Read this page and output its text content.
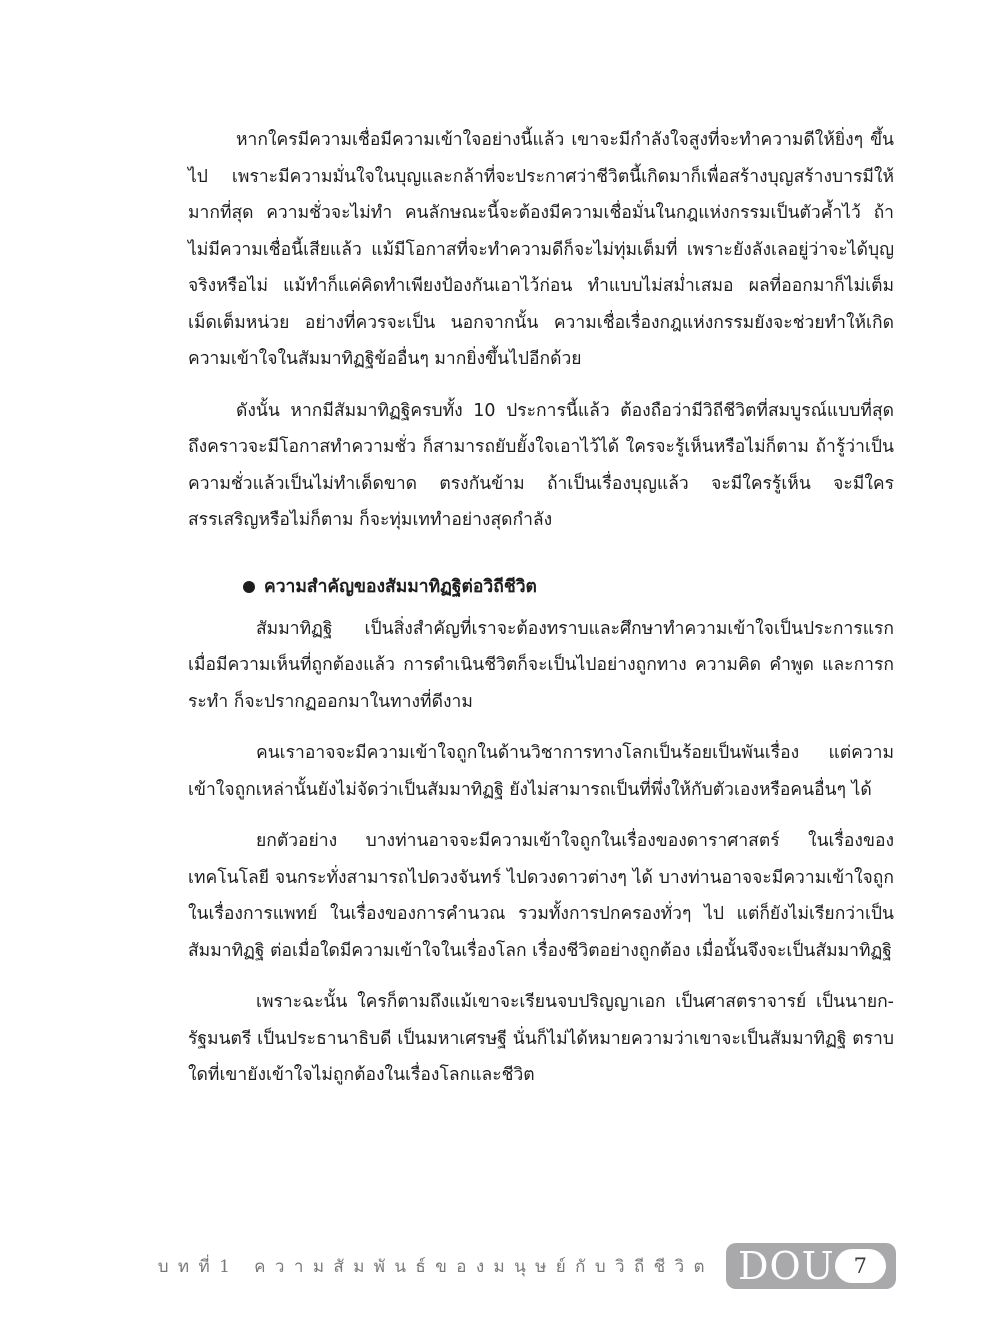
หากใครมีความเชื่อมีความเข้าใจอย่างนี้แล้ว เขาจะมีกำลังใจสูงที่จะทำความดีให้ยิ่งๆ ขึ้นไป เพราะมีความมั่นใจในบุญและกล้าที่จะประกาศว่าชีวิตนี้เกิดมาก็เพื่อสร้างบุญสร้างบารมีให้มากที่สุด ความชั่วจะไม่ทำ คนลักษณะนี้จะต้องมีความเชื่อมั่นในกฎแห่งกรรมเป็นตัวค้ำไว้ ถ้าไม่มีความเชื่อนี้เสียแล้ว แม้มีโอกาสที่จะทำความดีก็จะไม่ทุ่มเต็มที่ เพราะยังลังเลอยู่ว่าจะได้บุญจริงหรือไม่ แม้ทำก็แค่คิดทำเพียงป้องกันเอาไว้ก่อน ทำแบบไม่สม่ำเสมอ ผลที่ออกมาก็ไม่เต็มเม็ดเต็มหน่วย อย่างที่ควรจะเป็น นอกจากนั้น ความเชื่อเรื่องกฎแห่งกรรมยังจะช่วยทำให้เกิดความเข้าใจในสัมมาทิฏฐิข้ออื่นๆ มากยิ่งขึ้นไปอีกด้วย

ดังนั้น หากมีสัมมาทิฏฐิครบทั้ง 10 ประการนี้แล้ว ต้องถือว่ามีวิถีชีวิตที่สมบูรณ์แบบที่สุด ถึงคราวจะมีโอกาสทำความชั่ว ก็สามารถยับยั้งใจเอาไว้ได้ ใครจะรู้เห็นหรือไม่ก็ตาม ถ้ารู้ว่าเป็นความชั่วแล้วเป็นไม่ทำเด็ดขาด ตรงกันข้าม ถ้าเป็นเรื่องบุญแล้ว จะมีใครรู้เห็น จะมีใครสรรเสริญหรือไม่ก็ตาม ก็จะทุ่มเททำอย่างสุดกำลัง

ความสำคัญของสัมมาทิฏฐิต่อวิถีชีวิต

สัมมาทิฏฐิ เป็นสิ่งสำคัญที่เราจะต้องทราบและศึกษาทำความเข้าใจเป็นประการแรก เมื่อมีความเห็นที่ถูกต้องแล้ว การดำเนินชีวิตก็จะเป็นไปอย่างถูกทาง ความคิด คำพูด และการกระทำ ก็จะปรากฏออกมาในทางที่ดีงาม

คนเราอาจจะมีความเข้าใจถูกในด้านวิชาการทางโลกเป็นร้อยเป็นพันเรื่อง แต่ความเข้าใจถูกเหล่านั้นยังไม่จัดว่าเป็นสัมมาทิฏฐิ ยังไม่สามารถเป็นที่พึ่งให้กับตัวเองหรือคนอื่นๆ ได้

ยกตัวอย่าง บางท่านอาจจะมีความเข้าใจถูกในเรื่องของดาราศาสตร์ ในเรื่องของเทคโนโลยี จนกระทั่งสามารถไปดวงจันทร์ ไปดวงดาวต่างๆ ได้ บางท่านอาจจะมีความเข้าใจถูกในเรื่องการแพทย์ ในเรื่องของการคำนวณ รวมทั้งการปกครองทั่วๆ ไป แต่ก็ยังไม่เรียกว่าเป็นสัมมาทิฏฐิ ต่อเมื่อใดมีความเข้าใจในเรื่องโลก เรื่องชีวิตอย่างถูกต้อง เมื่อนั้นจึงจะเป็นสัมมาทิฏฐิ

เพราะฉะนั้น ใครก็ตามถึงแม้เขาจะเรียนจบปริญญาเอก เป็นศาสตราจารย์ เป็นนายก-รัฐมนตรี เป็นประธานาธิบดี เป็นมหาเศรษฐี นั่นก็ไม่ได้หมายความว่าเขาจะเป็นสัมมาทิฏฐิ ตราบใดที่เขายังเข้าใจไม่ถูกต้องในเรื่องโลกและชีวิต

บทที่1 ความสัมพันธ์ของมนุษย์กับวิถีชีวิต DOU 7
